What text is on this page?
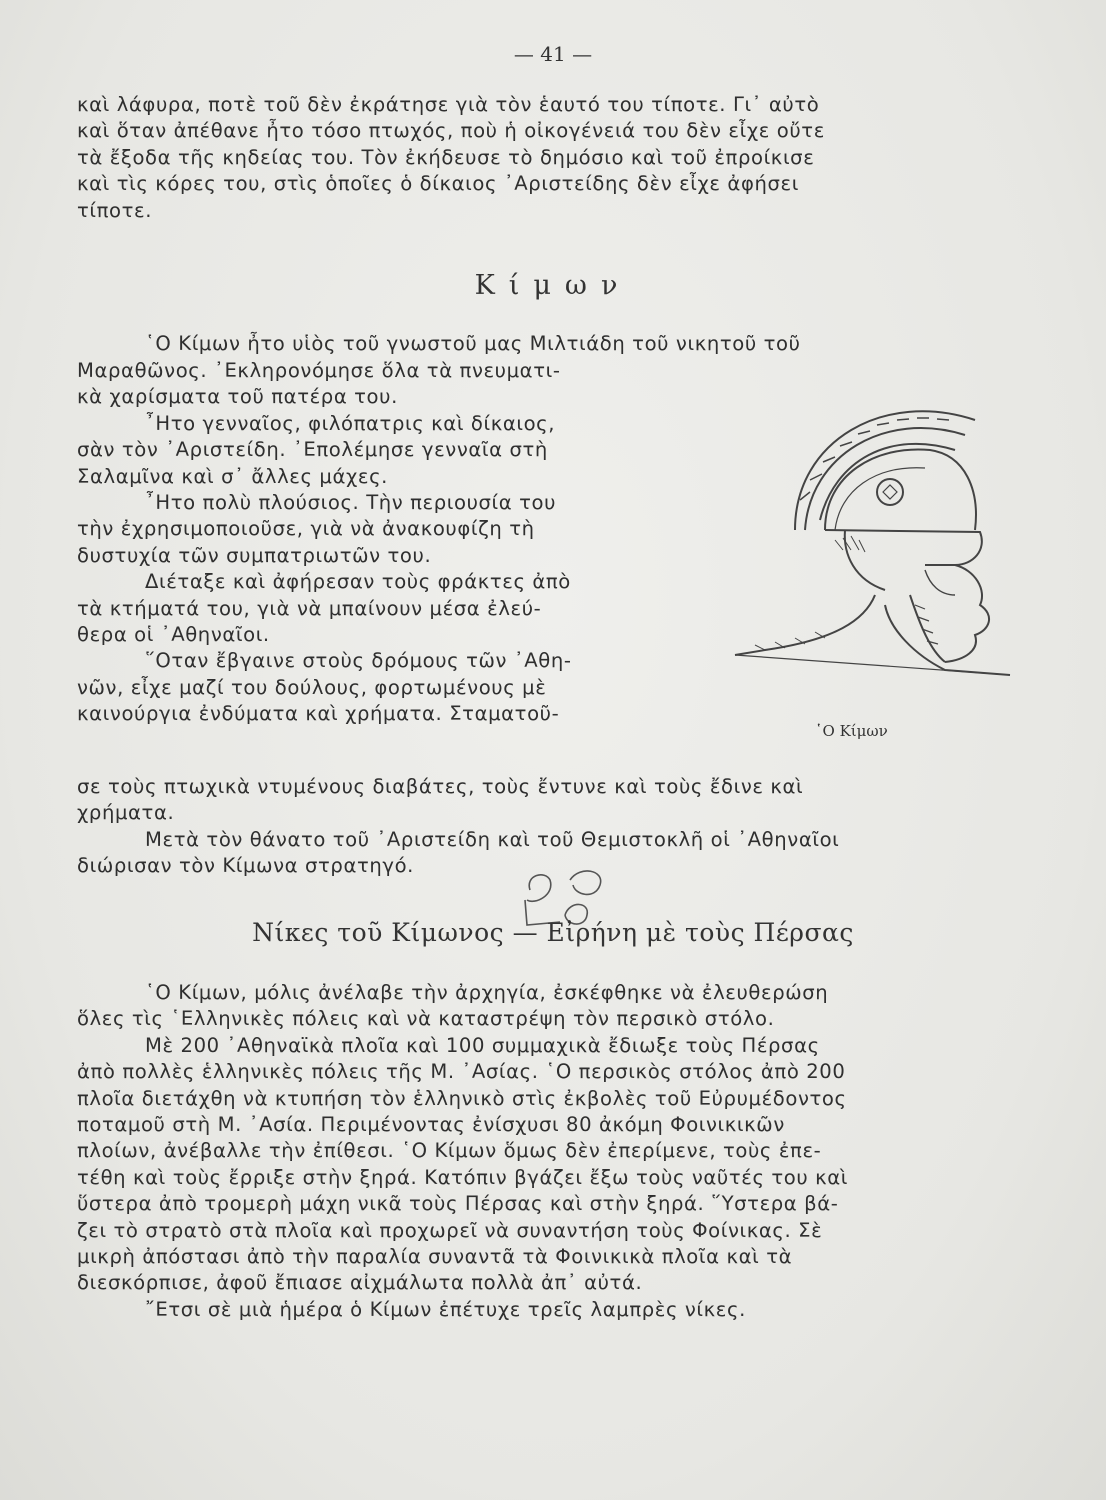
— 41 —
καὶ λάφυρα, ποτὲ τοῦ δὲν ἐκράτησε γιὰ τὸν ἑαυτό του τίποτε. Γι᾽ αὐτὸ
καὶ ὅταν ἀπέθανε ἦτο τόσο πτωχός, ποὺ ἡ οἰκογένειά του δὲν εἶχε οὔτε
τὰ ἔξοδα τῆς κηδείας του. Τὸν ἐκήδευσε τὸ δημόσιο καὶ τοῦ ἐπροίκισε
καὶ τὶς κόρες του, στὶς ὁποῖες ὁ δίκαιος ᾿Αριστείδης δὲν εἶχε ἀφήσει
τίποτε.
Κίμων
῾Ο Κίμων ἦτο υἱὸς τοῦ γνωστοῦ μας Μιλτιάδη τοῦ νικητοῦ τοῦ
Μαραθῶνος. ᾿Εκληρονόμησε ὅλα τὰ πνευματι-
κὰ χαρίσματα τοῦ πατέρα του.
῏Ητο γενναῖος, φιλόπατρις καὶ δίκαιος,
σὰν τὸν ᾿Αριστείδη. ᾿Επολέμησε γενναῖα στὴ
Σαλαμῖνα καὶ σ᾽ ἄλλες μάχες.
῏Ητο πολὺ πλούσιος. Τὴν περιουσία του
τὴν ἐχρησιμοποιοῦσε, γιὰ νὰ ἀνακουφίζη τὴ
δυστυχία τῶν συμπατριωτῶν του.
Διέταξε καὶ ἀφήρεσαν τοὺς φράκτες ἀπὸ
τὰ κτήματά του, γιὰ νὰ μπαίνουν μέσα ἐλεύ-
θερα οἱ ᾿Αθηναῖοι.
῞Οταν ἔβγαινε στοὺς δρόμους τῶν ᾿Αθη-
νῶν, εἶχε μαζί του δούλους, φορτωμένους μὲ
καινούργια ἐνδύματα καὶ χρήματα. Σταματοῦ-
῾Ο Κίμων
σε τοὺς πτωχικὰ ντυμένους διαβάτες, τοὺς ἔντυνε καὶ τοὺς ἔδινε καὶ
χρήματα.
Μετὰ τὸν θάνατο τοῦ ᾿Αριστείδη καὶ τοῦ Θεμιστοκλῆ οἱ ᾿Αθηναῖοι
διώρισαν τὸν Κίμωνα στρατηγό.
Νίκες τοῦ Κίμωνος — Εἰρήνη μὲ τοὺς Πέρσας
῾Ο Κίμων, μόλις ἀνέλαβε τὴν ἀρχηγία, ἐσκέφθηκε νὰ ἐλευθερώση
ὅλες τὶς ῾Ελληνικὲς πόλεις καὶ νὰ καταστρέψη τὸν περσικὸ στόλο.
Μὲ 200 ᾿Αθηναϊκὰ πλοῖα καὶ 100 συμμαχικὰ ἔδιωξε τοὺς Πέρσας
ἀπὸ πολλὲς ἑλληνικὲς πόλεις τῆς Μ. ᾿Ασίας. ῾Ο περσικὸς στόλος ἀπὸ 200
πλοῖα διετάχθη νὰ κτυπήση τὸν ἑλληνικὸ στὶς ἐκβολὲς τοῦ Εὐρυμέδοντος
ποταμοῦ στὴ Μ. ᾿Ασία. Περιμένοντας ἐνίσχυσι 80 ἀκόμη Φοινικικῶν
πλοίων, ἀνέβαλλε τὴν ἐπίθεσι. ῾Ο Κίμων ὅμως δὲν ἐπερίμενε, τοὺς ἐπε-
τέθη καὶ τοὺς ἔρριξε στὴν ξηρά. Κατόπιν βγάζει ἔξω τοὺς ναῦτές του καὶ
ὕστερα ἀπὸ τρομερὴ μάχη νικᾶ τοὺς Πέρσας καὶ στὴν ξηρά. ῞Υστερα βά-
ζει τὸ στρατὸ στὰ πλοῖα καὶ προχωρεῖ νὰ συναντήση τοὺς Φοίνικας. Σὲ
μικρὴ ἀπόστασι ἀπὸ τὴν παραλία συναντᾶ τὰ Φοινικικὰ πλοῖα καὶ τὰ
διεσκόρπισε, ἀφοῦ ἔπιασε αἰχμάλωτα πολλὰ ἀπ᾽ αὐτά.
῎Ετσι σὲ μιὰ ἡμέρα ὁ Κίμων ἐπέτυχε τρεῖς λαμπρὲς νίκες.
